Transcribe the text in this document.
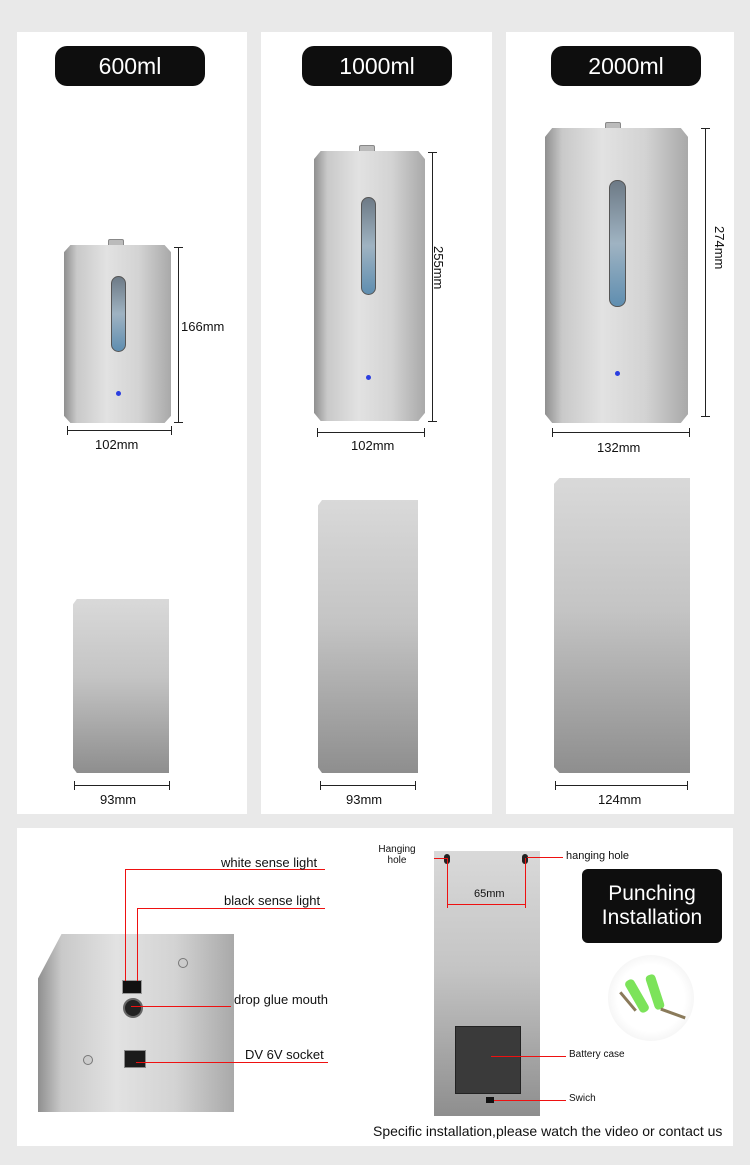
600ml	1000ml	2000ml
166mm
102mm
93mm
255mm
102mm
93mm
274mm
132mm
124mm
white sense light
black sense light
drop glue mouth
DV 6V socket
Hanging hole	hanging hole
65mm
Battery case
Swich
Punching Installation
Specific installation,please watch the video or contact us
